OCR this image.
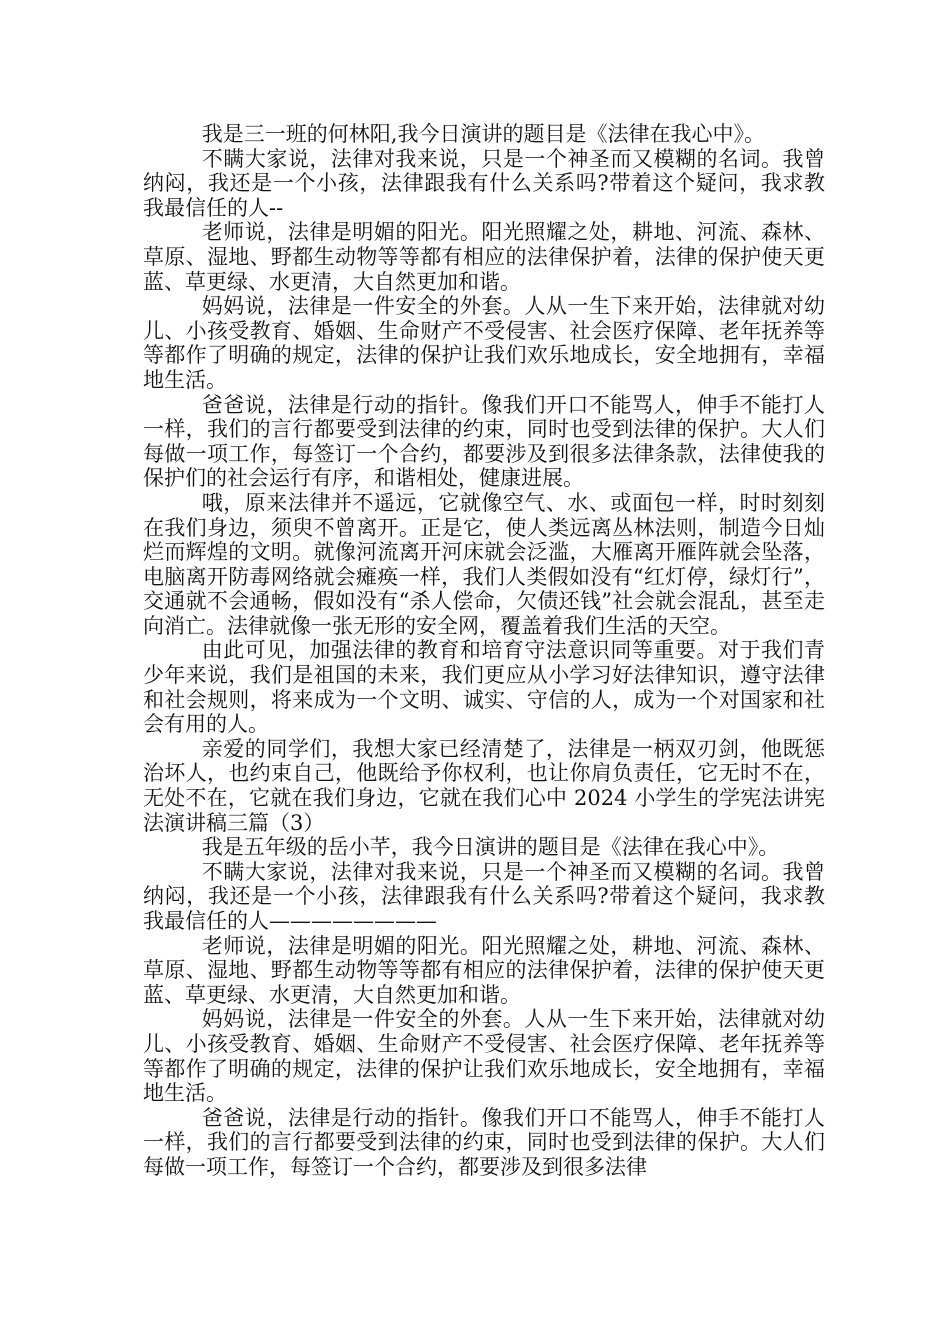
我是三一班的何林阳,我今日演讲的题目是《法律在我心中》。

不瞒大家说，法律对我来说，只是一个神圣而又模糊的名词。我曾纳闷，我还是一个小孩，法律跟我有什么关系吗?带着这个疑问，我求教我最信任的人--

老师说，法律是明媚的阳光。阳光照耀之处，耕地、河流、森林、草原、湿地、野都生动物等等都有相应的法律保护着，法律的保护使天更蓝、草更绿、水更清，大自然更加和谐。

妈妈说，法律是一件安全的外套。人从一生下来开始，法律就对幼儿、小孩受教育、婚姻、生命财产不受侵害、社会医疗保障、老年抚养等等都作了明确的规定，法律的保护让我们欢乐地成长，安全地拥有，幸福地生活。

爸爸说，法律是行动的指针。像我们开口不能骂人，伸手不能打人一样，我们的言行都要受到法律的约束，同时也受到法律的保护。大人们每做一项工作，每签订一个合约，都要涉及到很多法律条款，法律使我的保护们的社会运行有序，和谐相处，健康进展。

哦，原来法律并不遥远，它就像空气、水、或面包一样，时时刻刻在我们身边，须臾不曾离开。正是它，使人类远离丛林法则，制造今日灿烂而辉煌的文明。就像河流离开河床就会泛滥，大雁离开雁阵就会坠落，电脑离开防毒网络就会瘫痪一样，我们人类假如没有“红灯停，绿灯行”，交通就不会通畅，假如没有“杀人偿命，欠债还钱”社会就会混乱，甚至走向消亡。法律就像一张无形的安全网，覆盖着我们生活的天空。

由此可见，加强法律的教育和培育守法意识同等重要。对于我们青少年来说，我们是祖国的未来，我们更应从小学习好法律知识，遵守法律和社会规则，将来成为一个文明、诚实、守信的人，成为一个对国家和社会有用的人。

亲爱的同学们，我想大家已经清楚了，法律是一柄双刃剑，他既惩治坏人，也约束自己，他既给予你权利，也让你肩负责任，它无时不在，无处不在，它就在我们身边，它就在我们心中 2024 小学生的学宪法讲宪法演讲稿三篇（3）

我是五年级的岳小芊，我今日演讲的题目是《法律在我心中》。

不瞒大家说，法律对我来说，只是一个神圣而又模糊的名词。我曾纳闷，我还是一个小孩，法律跟我有什么关系吗?带着这个疑问，我求教我最信任的人————————

老师说，法律是明媚的阳光。阳光照耀之处，耕地、河流、森林、草原、湿地、野都生动物等等都有相应的法律保护着，法律的保护使天更蓝、草更绿、水更清，大自然更加和谐。

妈妈说，法律是一件安全的外套。人从一生下来开始，法律就对幼儿、小孩受教育、婚姻、生命财产不受侵害、社会医疗保障、老年抚养等等都作了明确的规定，法律的保护让我们欢乐地成长，安全地拥有，幸福地生活。

爸爸说，法律是行动的指针。像我们开口不能骂人，伸手不能打人一样，我们的言行都要受到法律的约束，同时也受到法律的保护。大人们每做一项工作，每签订一个合约，都要涉及到很多法律
